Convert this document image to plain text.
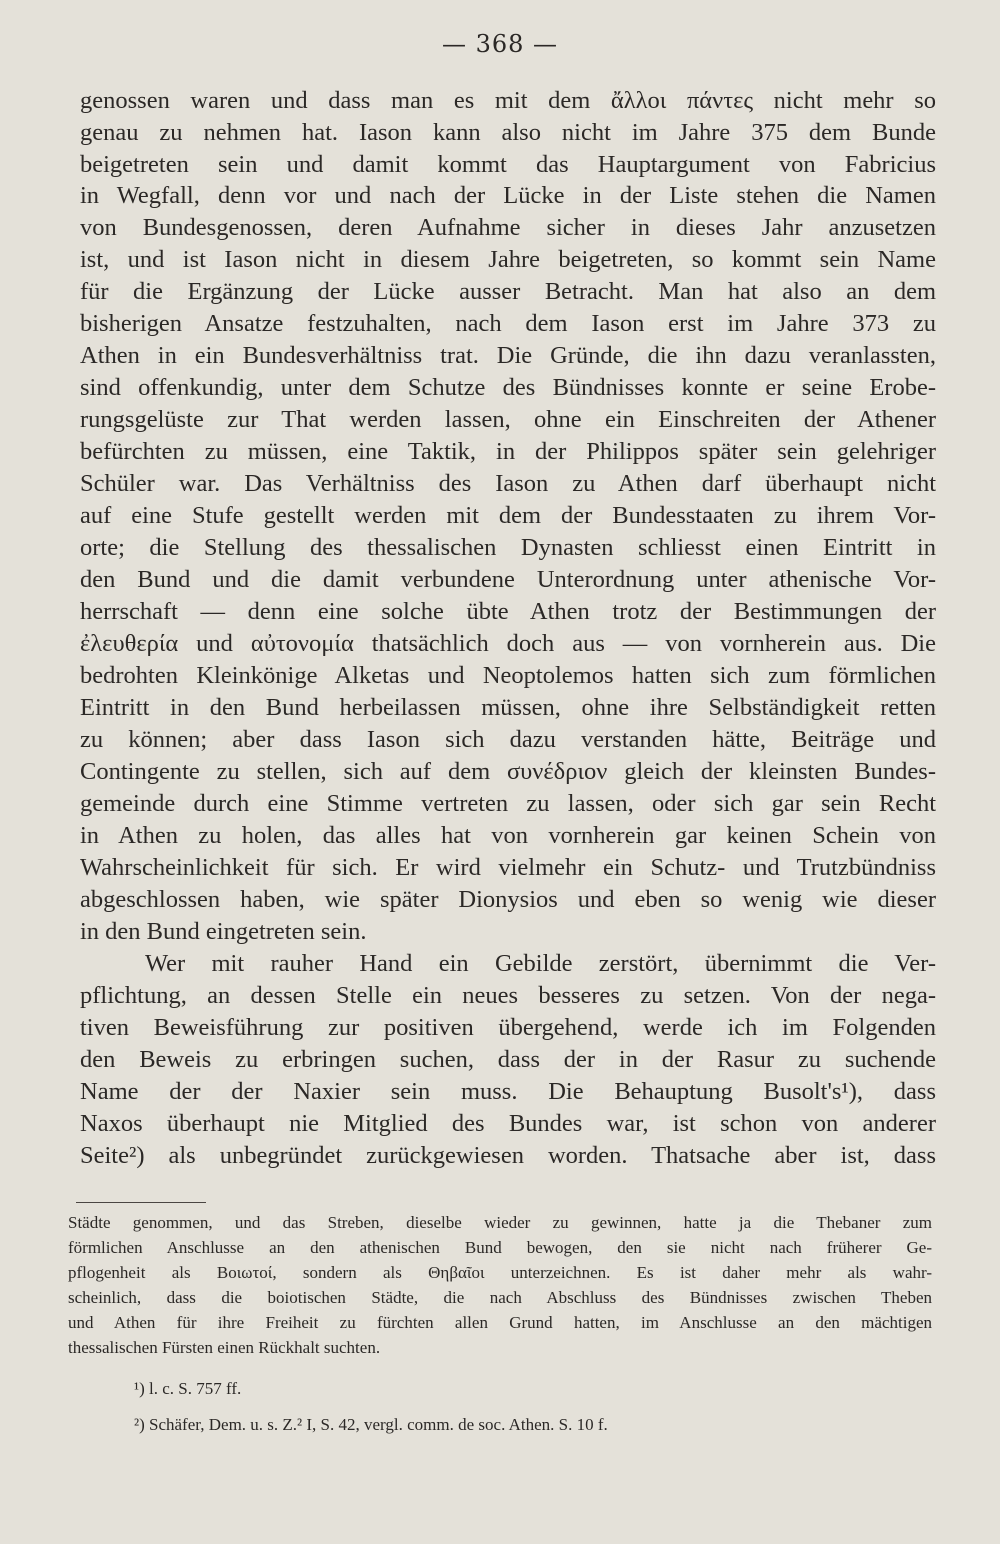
— 368 —
genossen waren und dass man es mit dem ἄλλοι πάντες nicht mehr so
genau zu nehmen hat. Iason kann also nicht im Jahre 375 dem Bunde
beigetreten sein und damit kommt das Hauptargument von Fabricius
in Wegfall, denn vor und nach der Lücke in der Liste stehen die Namen
von Bundesgenossen, deren Aufnahme sicher in dieses Jahr anzusetzen
ist, und ist Iason nicht in diesem Jahre beigetreten, so kommt sein Name
für die Ergänzung der Lücke ausser Betracht. Man hat also an dem
bisherigen Ansatze festzuhalten, nach dem Iason erst im Jahre 373 zu
Athen in ein Bundesverhältniss trat. Die Gründe, die ihn dazu veranlassten,
sind offenkundig, unter dem Schutze des Bündnisses konnte er seine Erobe-
rungsgelüste zur That werden lassen, ohne ein Einschreiten der Athener
befürchten zu müssen, eine Taktik, in der Philippos später sein gelehriger
Schüler war. Das Verhältniss des Iason zu Athen darf überhaupt nicht
auf eine Stufe gestellt werden mit dem der Bundesstaaten zu ihrem Vor-
orte; die Stellung des thessalischen Dynasten schliesst einen Eintritt in
den Bund und die damit verbundene Unterordnung unter athenische Vor-
herrschaft — denn eine solche übte Athen trotz der Bestimmungen der
ἐλευθερία und αὐτονομία thatsächlich doch aus — von vornherein aus. Die
bedrohten Kleinkönige Alketas und Neoptolemos hatten sich zum förmlichen
Eintritt in den Bund herbeilassen müssen, ohne ihre Selbständigkeit retten
zu können; aber dass Iason sich dazu verstanden hätte, Beiträge und
Contingente zu stellen, sich auf dem συνέδριον gleich der kleinsten Bundes-
gemeinde durch eine Stimme vertreten zu lassen, oder sich gar sein Recht
in Athen zu holen, das alles hat von vornherein gar keinen Schein von
Wahrscheinlichkeit für sich. Er wird vielmehr ein Schutz- und Trutzbündniss
abgeschlossen haben, wie später Dionysios und eben so wenig wie dieser
in den Bund eingetreten sein.
Wer mit rauher Hand ein Gebilde zerstört, übernimmt die Ver-
pflichtung, an dessen Stelle ein neues besseres zu setzen. Von der nega-
tiven Beweisführung zur positiven übergehend, werde ich im Folgenden
den Beweis zu erbringen suchen, dass der in der Rasur zu suchende
Name der der Naxier sein muss. Die Behauptung Busolt's¹), dass
Naxos überhaupt nie Mitglied des Bundes war, ist schon von anderer
Seite²) als unbegründet zurückgewiesen worden. Thatsache aber ist, dass
Städte genommen, und das Streben, dieselbe wieder zu gewinnen, hatte ja die Thebaner zum
förmlichen Anschlusse an den athenischen Bund bewogen, den sie nicht nach früherer Ge-
pflogenheit als Βοιωτοί, sondern als Θηβαῖοι unterzeichnen. Es ist daher mehr als wahr-
scheinlich, dass die boiotischen Städte, die nach Abschluss des Bündnisses zwischen Theben
und Athen für ihre Freiheit zu fürchten allen Grund hatten, im Anschlusse an den mächtigen
thessalischen Fürsten einen Rückhalt suchten.
¹) l. c. S. 757 ff.
²) Schäfer, Dem. u. s. Z.² I, S. 42, vergl. comm. de soc. Athen. S. 10 f.
